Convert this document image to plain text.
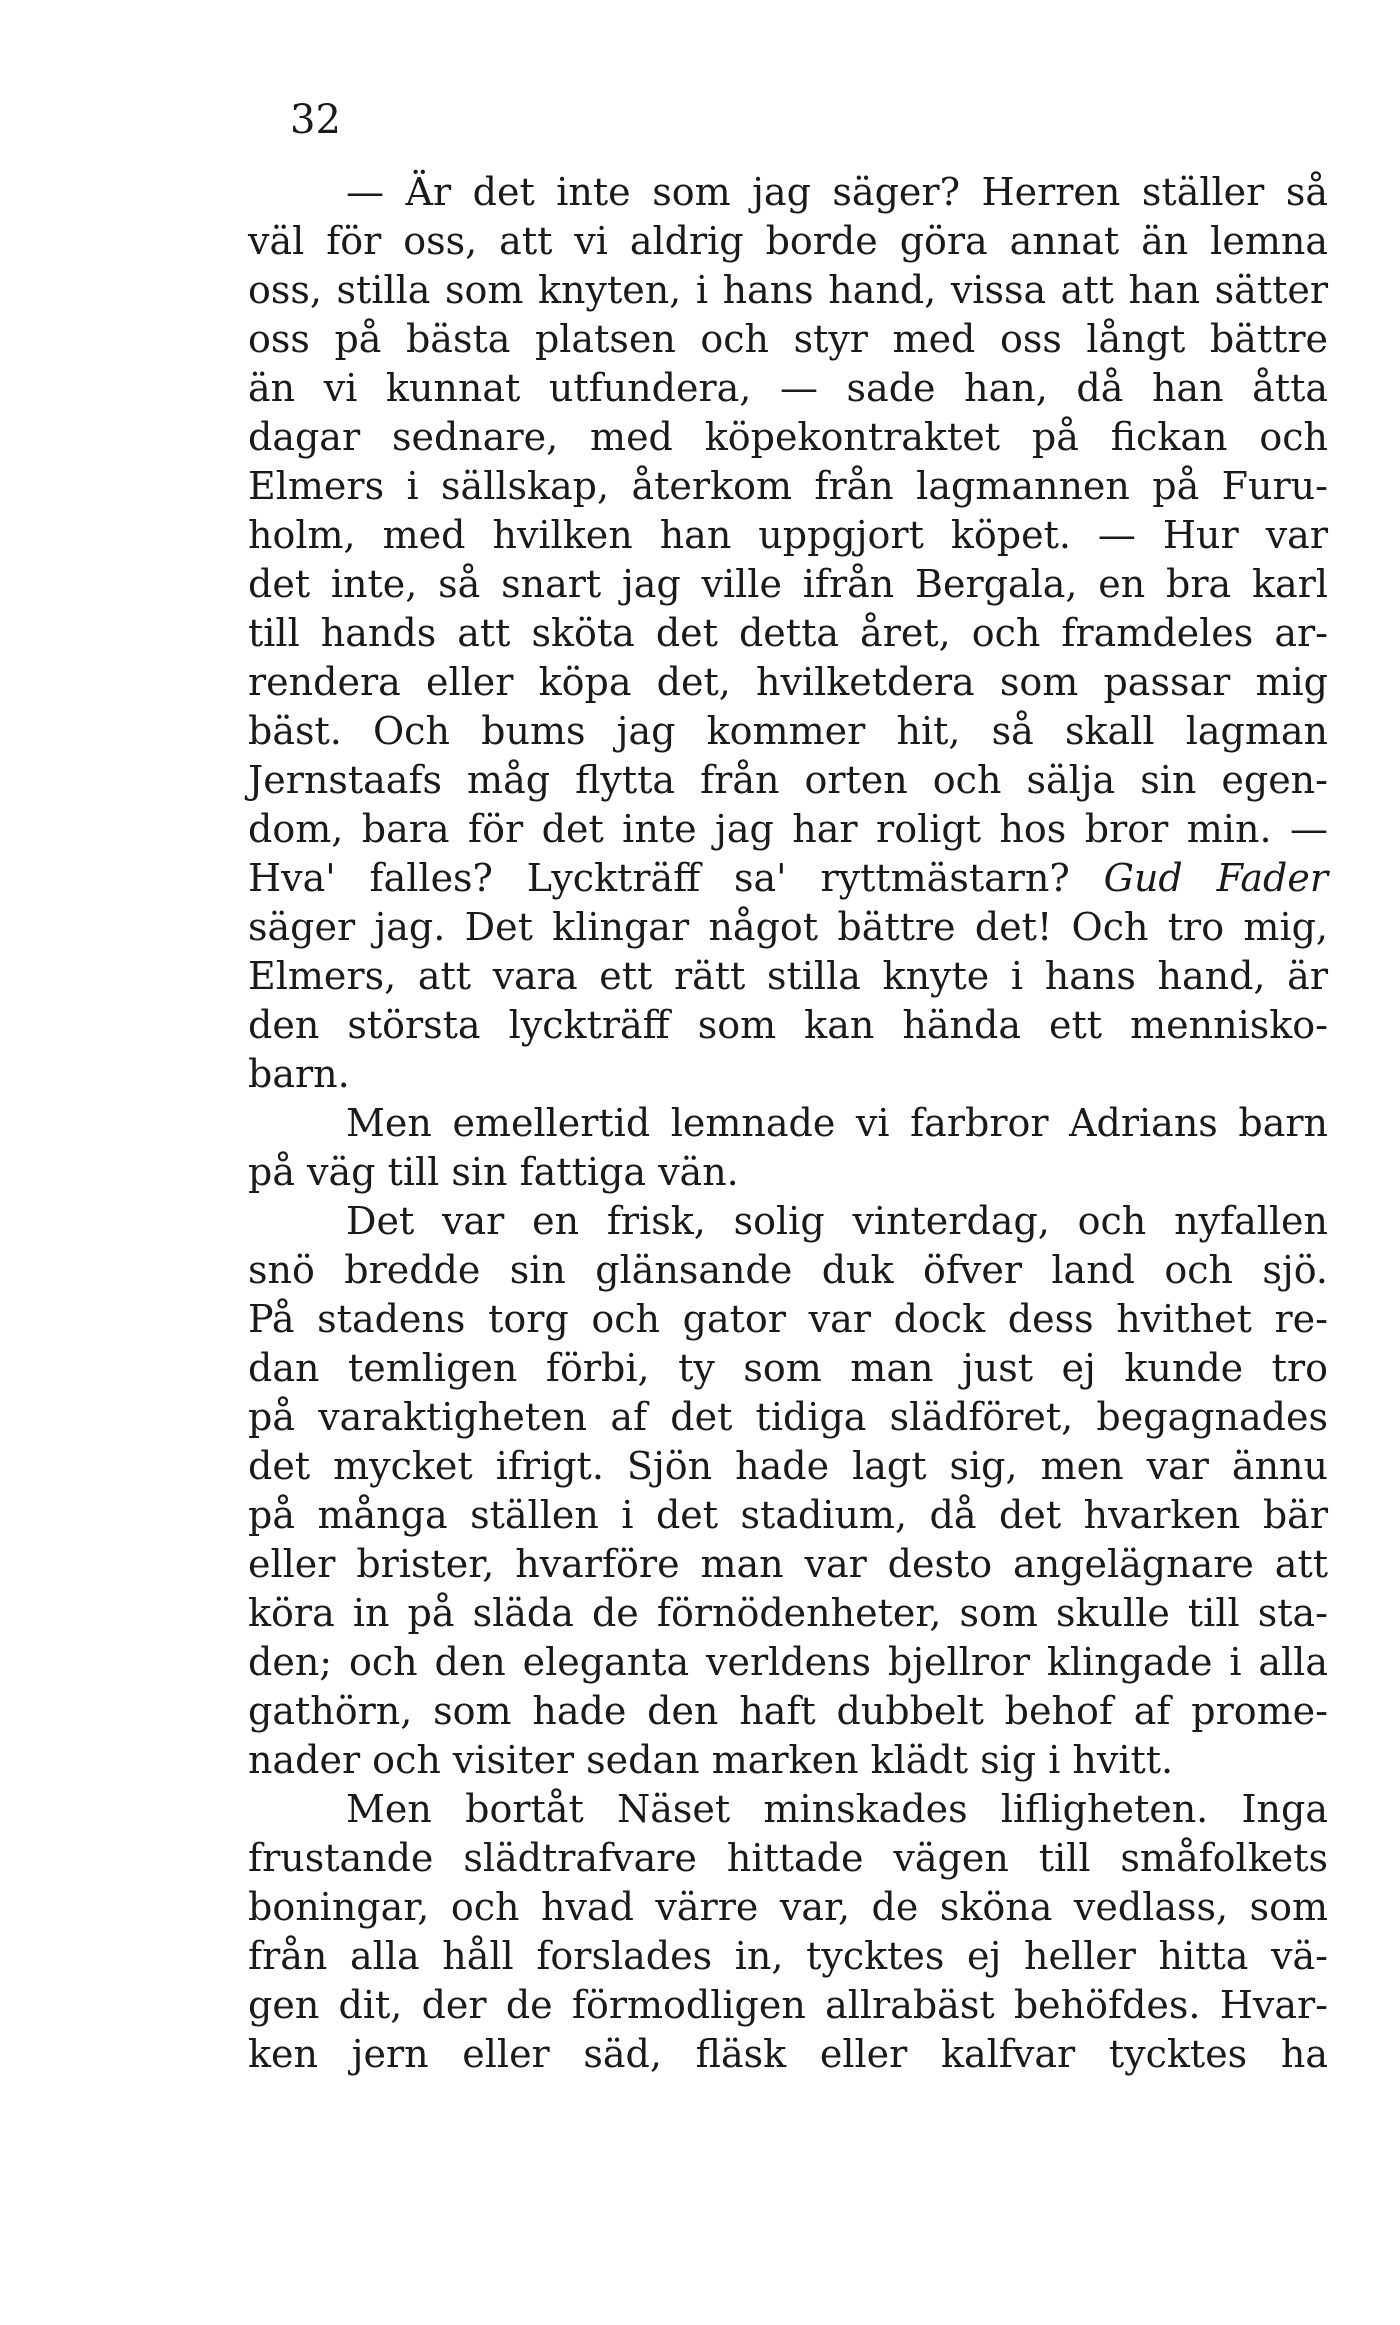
32
— Är det inte som jag säger? Herren ställer så
väl för oss, att vi aldrig borde göra annat än lemna
oss, stilla som knyten, i hans hand, vissa att han sätter
oss på bästa platsen och styr med oss långt bättre
än vi kunnat utfundera, — sade han, då han åtta
dagar sednare, med köpekontraktet på fickan och
Elmers i sällskap, återkom från lagmannen på Furu-
holm, med hvilken han uppgjort köpet. — Hur var
det inte, så snart jag ville ifrån Bergala, en bra karl
till hands att sköta det detta året, och framdeles ar-
rendera eller köpa det, hvilketdera som passar mig
bäst. Och bums jag kommer hit, så skall lagman
Jernstaafs måg flytta från orten och sälja sin egen-
dom, bara för det inte jag har roligt hos bror min. —
Hva' falles? Lyckträff sa' ryttmästarn? Gud Fader
säger jag. Det klingar något bättre det! Och tro mig,
Elmers, att vara ett rätt stilla knyte i hans hand, är
den största lyckträff som kan hända ett mennisko-
barn.
Men emellertid lemnade vi farbror Adrians barn
på väg till sin fattiga vän.
Det var en frisk, solig vinterdag, och nyfallen
snö bredde sin glänsande duk öfver land och sjö.
På stadens torg och gator var dock dess hvithet re-
dan temligen förbi, ty som man just ej kunde tro
på varaktigheten af det tidiga slädföret, begagnades
det mycket ifrigt. Sjön hade lagt sig, men var ännu
på många ställen i det stadium, då det hvarken bär
eller brister, hvarföre man var desto angelägnare att
köra in på släda de förnödenheter, som skulle till sta-
den; och den eleganta verldens bjellror klingade i alla
gathörn, som hade den haft dubbelt behof af prome-
nader och visiter sedan marken klädt sig i hvitt.
Men bortåt Näset minskades lifligheten. Inga
frustande slädtrafvare hittade vägen till småfolkets
boningar, och hvad värre var, de sköna vedlass, som
från alla håll forslades in, tycktes ej heller hitta vä-
gen dit, der de förmodligen allrabäst behöfdes. Hvar-
ken jern eller säd, fläsk eller kalfvar tycktes ha
